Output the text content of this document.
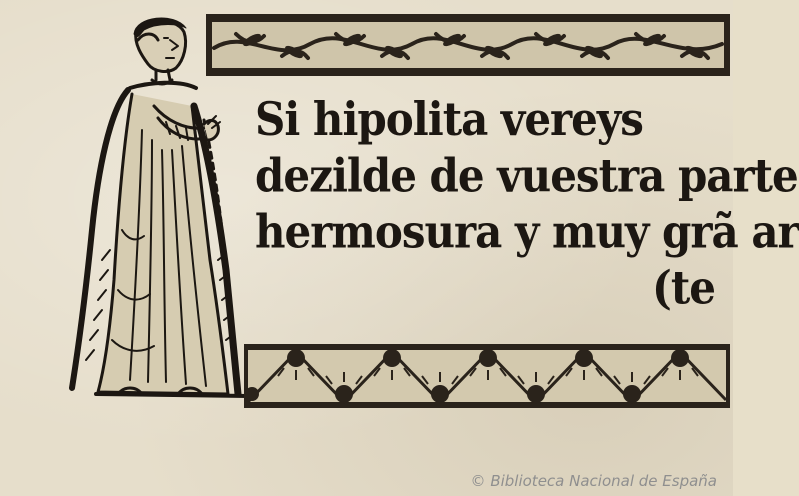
Si hipolita vereys
dezilde de vuestra parte
hermosura y muy grã ar
(te
© Biblioteca Nacional de España
